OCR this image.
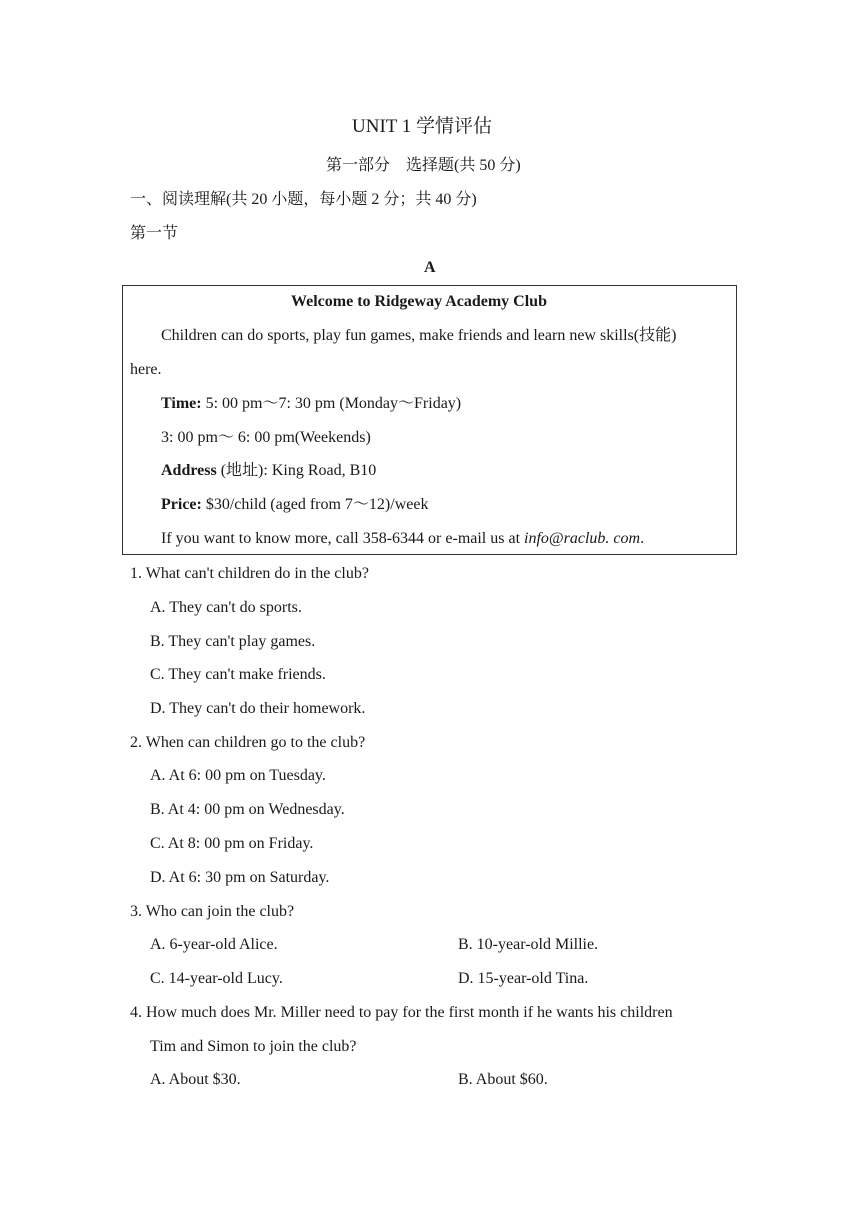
UNIT 1 学情评估
第一部分　选择题(共 50 分)
一、阅读理解(共 20 小题，每小题 2 分；共 40 分)
第一节
A
Welcome to Ridgeway Academy Club
Children can do sports, play fun games, make friends and learn new skills(技能)
here.
Time: 5: 00 pm～7: 30 pm (Monday～Friday)
3: 00 pm～ 6: 00 pm(Weekends)
Address (地址): King Road, B10
Price: $30/child (aged from 7～12)/week
If you want to know more, call 358-6344 or e-mail us at info@raclub. com.
1. What can't children do in the club?
A. They can't do sports.
B. They can't play games.
C. They can't make friends.
D. They can't do their homework.
2. When can children go to the club?
A. At 6: 00 pm on Tuesday.
B. At 4: 00 pm on Wednesday.
C. At 8: 00 pm on Friday.
D. At 6: 30 pm on Saturday.
3. Who can join the club?
A. 6-year-old Alice.	B. 10-year-old Millie.
C. 14-year-old Lucy.	D. 15-year-old Tina.
4. How much does Mr. Miller need to pay for the first month if he wants his children
Tim and Simon to join the club?
A. About $30.	B. About $60.
